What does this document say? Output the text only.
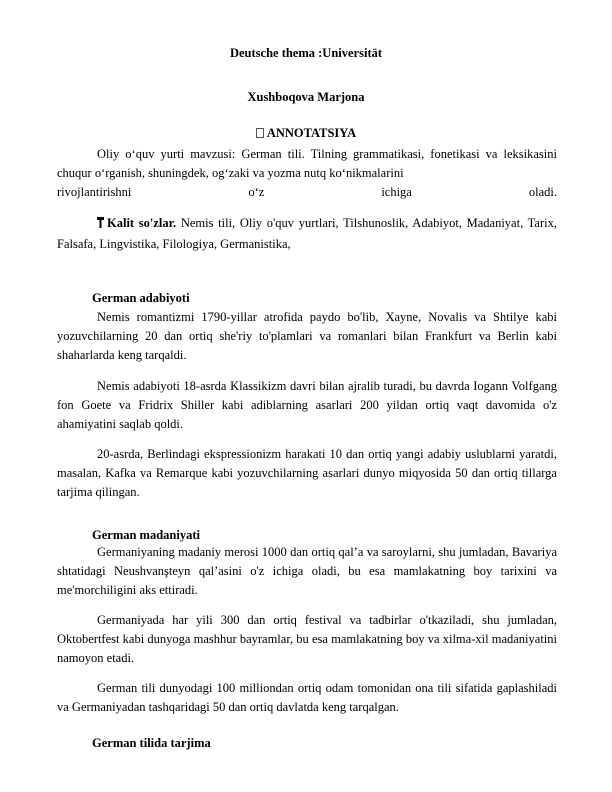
Deutsche thema :Universität
Xushboqova Marjona
ANNOTATSIYA
Oliy o‘quv yurti mavzusi: German tili. Tilning grammatikasi, fonetikasi va leksikasini chuqur o‘rganish, shuningdek, og‘zaki va yozma nutq ko‘nikmalarini
rivojlantirishni	o‘z	ichiga	oladi.
Kalit so'zlar. Nemis tili, Oliy o'quv yurtlari, Tilshunoslik, Adabiyot, Madaniyat, Tarix, Falsafa, Lingvistika, Filologiya, Germanistika,
German adabiyoti
Nemis romantizmi 1790-yillar atrofida paydo bo'lib, Xayne, Novalis va Shtilye kabi yozuvchilarning 20 dan ortiq she'riy to'plamlari va romanlari bilan Frankfurt va Berlin kabi shaharlarda keng tarqaldi.
Nemis adabiyoti 18-asrda Klassikizm davri bilan ajralib turadi, bu davrda Iogann Volfgang fon Goete va Fridrix Shiller kabi adiblarning asarlari 200 yildan ortiq vaqt davomida o'z ahamiyatini saqlab qoldi.
20-asrda, Berlindagi ekspressionizm harakati 10 dan ortiq yangi adabiy uslublarni yaratdi, masalan, Kafka va Remarque kabi yozuvchilarning asarlari dunyo miqyosida 50 dan ortiq tillarga tarjima qilingan.
German madaniyati
Germaniyaning madaniy merosi 1000 dan ortiq qal’a va saroylarni, shu jumladan, Bavariya shtatidagi Neushvanşteyn qal’asini o'z ichiga oladi, bu esa mamlakatning boy tarixini va me'morchiligini aks ettiradi.
Germaniyada har yili 300 dan ortiq festival va tadbirlar o'tkaziladi, shu jumladan, Oktobertfest kabi dunyoga mashhur bayramlar, bu esa mamlakatning boy va xilma-xil madaniyatini namoyon etadi.
German tili dunyodagi 100 milliondan ortiq odam tomonidan ona tili sifatida gaplashiladi va Germaniyadan tashqaridagi 50 dan ortiq davlatda keng tarqalgan.
German tilida tarjima
